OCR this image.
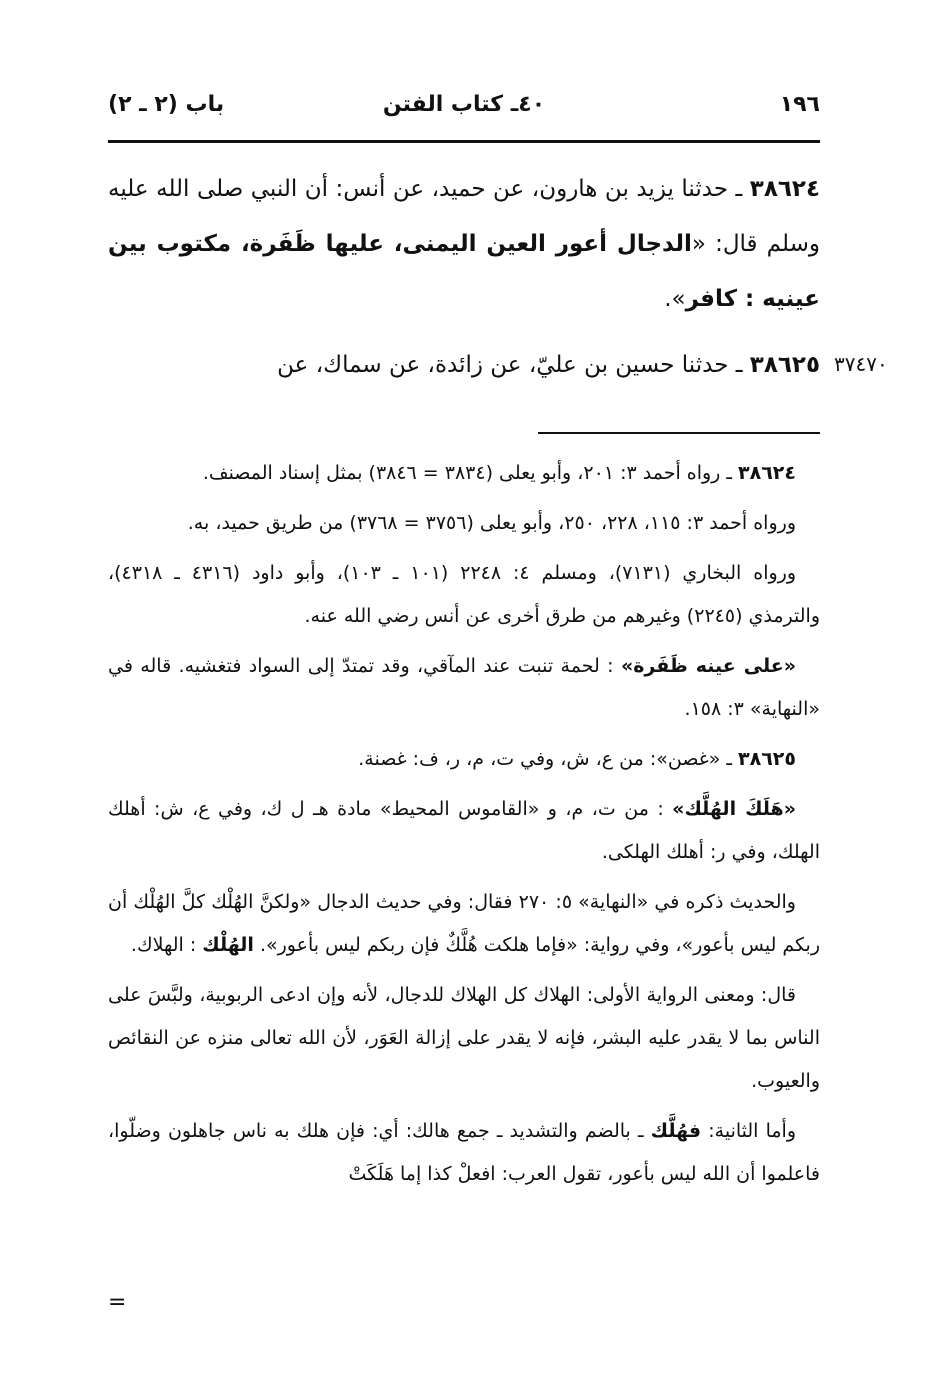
١٩٦
٤٠ـ كتاب الفتن
باب (٢ ـ ٢)
٣٨٦٢٤ ـ حدثنا يزيد بن هارون، عن حميد، عن أنس: أن النبي صلى الله عليه وسلم قال: «الدجال أعور العين اليمنى، عليها ظَفَرة، مكتوب بين عينيه : كافر».
٣٧٤٧٠
٣٨٦٢٥ ـ حدثنا حسين بن عليّ، عن زائدة، عن سماك، عن

٣٨٦٢٤ ـ رواه أحمد ٣: ٢٠١، وأبو يعلى (٣٨٣٤ = ٣٨٤٦) بمثل إسناد المصنف.

ورواه أحمد ٣: ١١٥، ٢٢٨، ٢٥٠، وأبو يعلى (٣٧٥٦ = ٣٧٦٨) من طريق حميد، به.

ورواه البخاري (٧١٣١)، ومسلم ٤: ٢٢٤٨ (١٠١ ـ ١٠٣)، وأبو داود (٤٣١٦ ـ ٤٣١٨)، والترمذي (٢٢٤٥) وغيرهم من طرق أخرى عن أنس رضي الله عنه.

«على عينه ظَفَرة» : لحمة تنبت عند المآقي، وقد تمتدّ إلى السواد فتغشيه. قاله في «النهاية» ٣: ١٥٨.

٣٨٦٢٥ ـ «غصن»: من ع، ش، وفي ت، م، ر، ف: غصنة.

«هَلَكَ الهُلَّك» : من ت، م، و «القاموس المحيط» مادة هـ ل ك، وفي ع، ش: أهلك الهلك، وفي ر: أهلك الهلكى.

والحديث ذكره في «النهاية» ٥: ٢٧٠ فقال: وفي حديث الدجال «ولكنَّ الهُلْك كلَّ الهُلْك أن ربكم ليس بأعور»، وفي رواية: «فإما هلكت هُلَّكٌ فإن ربكم ليس بأعور». الهُلْك : الهلاك.

قال: ومعنى الرواية الأولى: الهلاك كل الهلاك للدجال، لأنه وإن ادعى الربوبية، ولبَّسَ على الناس بما لا يقدر عليه البشر، فإنه لا يقدر على إزالة العَوَر، لأن الله تعالى منزه عن النقائص والعيوب.

وأما الثانية: فهُلَّك ـ بالضم والتشديد ـ جمع هالك: أي: فإن هلك به ناس جاهلون وضلّوا، فاعلموا أن الله ليس بأعور، تقول العرب: افعلْ كذا إما هَلَكَتْ

=
